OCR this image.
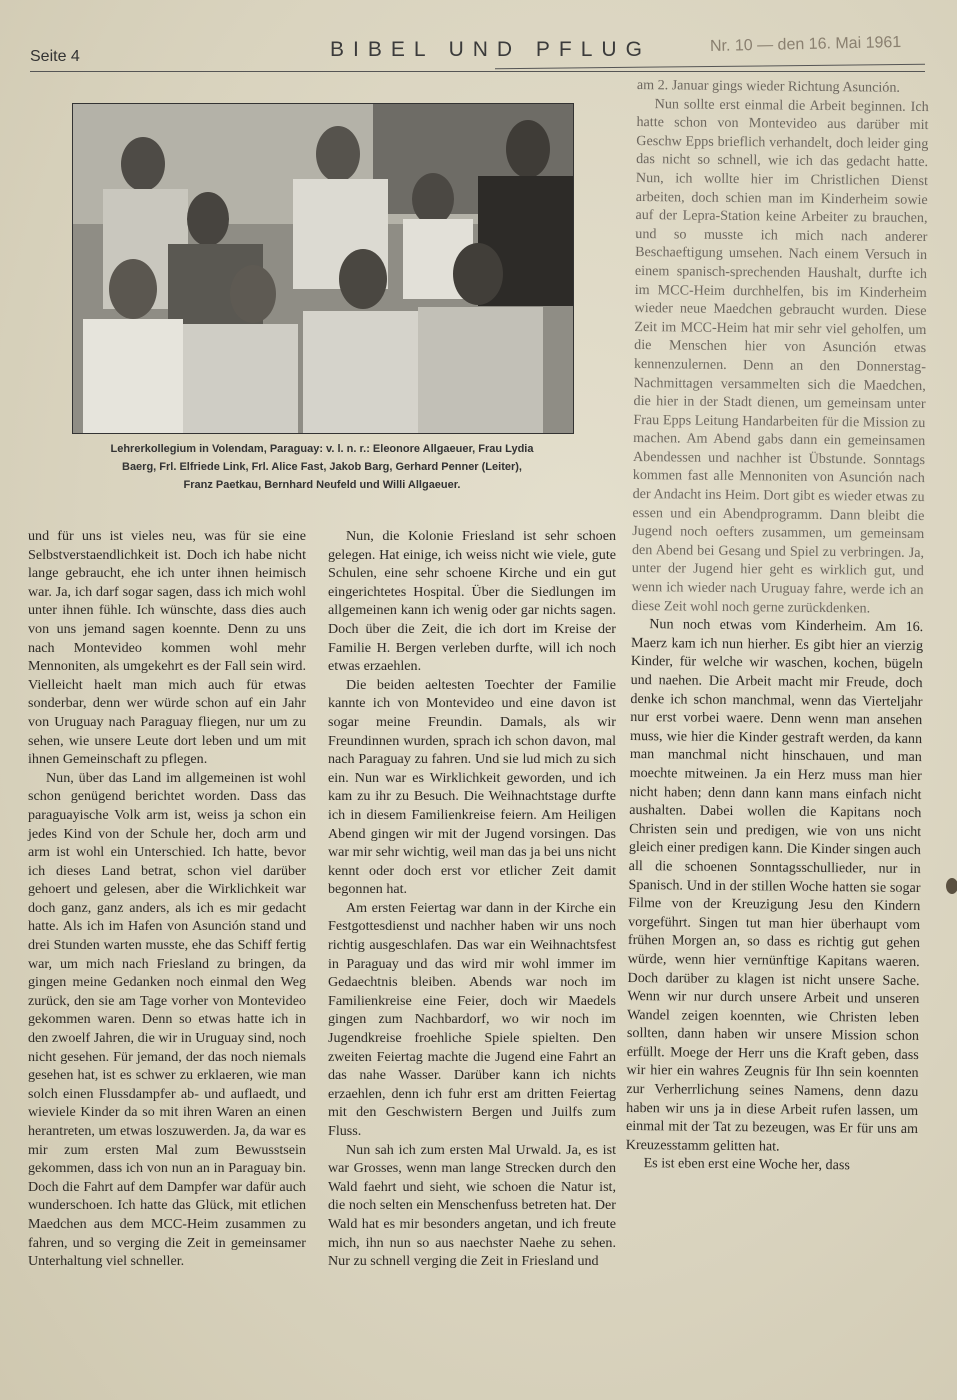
Seite 4	BIBEL UND PFLUG	Nr. 10 — den 16. Mai 1961
Lehrerkollegium in Volendam, Paraguay: v. l. n. r.: Eleonore Allgaeuer, Frau Lydia
Baerg, Frl. Elfriede Link, Frl. Alice Fast, Jakob Barg, Gerhard Penner (Leiter),
Franz Paetkau, Bernhard Neufeld und Willi Allgaeuer.

und für uns ist vieles neu, was für sie eine Selbstverstaendlichkeit ist. Doch ich habe nicht lange gebraucht, ehe ich unter ihnen heimisch war. Ja, ich darf sogar sagen, dass ich mich wohl unter ihnen fühle. Ich wünschte, dass dies auch von uns jemand sagen koennte. Denn zu uns nach Montevideo kommen wohl mehr Mennoniten, als umgekehrt es der Fall sein wird. Vielleicht haelt man mich auch für etwas sonderbar, denn wer würde schon auf ein Jahr von Uruguay nach Paraguay fliegen, nur um zu sehen, wie unsere Leute dort leben und um mit ihnen Gemeinschaft zu pflegen.

Nun, über das Land im allgemeinen ist wohl schon genügend berichtet worden. Dass das paraguayische Volk arm ist, weiss ja schon ein jedes Kind von der Schule her, doch arm und arm ist wohl ein Unterschied. Ich hatte, bevor ich dieses Land betrat, schon viel darüber gehoert und gelesen, aber die Wirklichkeit war doch ganz, ganz anders, als ich es mir gedacht hatte. Als ich im Hafen von Asunción stand und drei Stunden warten musste, ehe das Schiff fertig war, um mich nach Friesland zu bringen, da gingen meine Gedanken noch einmal den Weg zurück, den sie am Tage vorher von Montevideo gekommen waren. Denn so etwas hatte ich in den zwoelf Jahren, die wir in Uruguay sind, noch nicht gesehen. Für jemand, der das noch niemals gesehen hat, ist es schwer zu erklaeren, wie man solch einen Flussdampfer ab- und auflaedt, und wieviele Kinder da so mit ihren Waren an einen herantreten, um etwas loszuwerden. Ja, da war es mir zum ersten Mal zum Bewusstsein gekommen, dass ich von nun an in Paraguay bin. Doch die Fahrt auf dem Dampfer war dafür auch wunderschoen. Ich hatte das Glück, mit etlichen Maedchen aus dem MCC-Heim zusammen zu fahren, und so verging die Zeit in gemeinsamer Unterhaltung viel schneller.

Nun, die Kolonie Friesland ist sehr schoen gelegen. Hat einige, ich weiss nicht wie viele, gute Schulen, eine sehr schoene Kirche und ein gut eingerichtetes Hospital. Über die Siedlungen im allgemeinen kann ich wenig oder gar nichts sagen. Doch über die Zeit, die ich dort im Kreise der Familie H. Bergen verleben durfte, will ich noch etwas erzaehlen.

Die beiden aeltesten Toechter der Familie kannte ich von Montevideo und eine davon ist sogar meine Freundin. Damals, als wir Freundinnen wurden, sprach ich schon davon, mal nach Paraguay zu fahren. Und sie lud mich zu sich ein. Nun war es Wirklichkeit geworden, und ich kam zu ihr zu Besuch. Die Weihnachtstage durfte ich in diesem Familienkreise feiern. Am Heiligen Abend gingen wir mit der Jugend vorsingen. Das war mir sehr wichtig, weil man das ja bei uns nicht kennt oder doch erst vor etlicher Zeit damit begonnen hat.

Am ersten Feiertag war dann in der Kirche ein Festgottesdienst und nachher haben wir uns noch richtig ausgeschlafen. Das war ein Weihnachtsfest in Paraguay und das wird mir wohl immer im Gedaechtnis bleiben. Abends war noch im Familienkreise eine Feier, doch wir Maedels gingen zum Nachbardorf, wo wir noch im Jugendkreise froehliche Spiele spielten. Den zweiten Feiertag machte die Jugend eine Fahrt an das nahe Wasser. Darüber kann ich nichts erzaehlen, denn ich fuhr erst am dritten Feiertag mit den Geschwistern Bergen und Juilfs zum Fluss.

Nun sah ich zum ersten Mal Urwald. Ja, es ist war Grosses, wenn man lange Strecken durch den Wald faehrt und sieht, wie schoen die Natur ist, die noch selten ein Menschenfuss betreten hat. Der Wald hat es mir besonders angetan, und ich freute mich, ihn nun so aus naechster Naehe zu sehen. Nur zu schnell verging die Zeit in Friesland und

am 2. Januar gings wieder Richtung Asunción.

Nun sollte erst einmal die Arbeit beginnen. Ich hatte schon von Montevideo aus darüber mit Geschw Epps brieflich verhandelt, doch leider ging das nicht so schnell, wie ich das gedacht hatte. Nun, ich wollte hier im Christlichen Dienst arbeiten, doch schien man im Kinderheim sowie auf der Lepra-Station keine Arbeiter zu brauchen, und so musste ich mich nach anderer Beschaeftigung umsehen. Nach einem Versuch in einem spanisch-sprechenden Haushalt, durfte ich im MCC-Heim durchhelfen, bis im Kinderheim wieder neue Maedchen gebraucht wurden. Diese Zeit im MCC-Heim hat mir sehr viel geholfen, um die Menschen hier von Asunción etwas kennenzulernen. Denn an den Donnerstag-Nachmittagen versammelten sich die Maedchen, die hier in der Stadt dienen, um gemeinsam unter Frau Epps Leitung Handarbeiten für die Mission zu machen. Am Abend gabs dann ein gemeinsamen Abendessen und nachher ist Übstunde. Sonntags kommen fast alle Mennoniten von Asunción nach der Andacht ins Heim. Dort gibt es wieder etwas zu essen und ein Abendprogramm. Dann bleibt die Jugend noch oefters zusammen, um gemeinsam den Abend bei Gesang und Spiel zu verbringen. Ja, unter der Jugend hier geht es wirklich gut, und wenn ich wieder nach Uruguay fahre, werde ich an diese Zeit wohl noch gerne zurückdenken.

Nun noch etwas vom Kinderheim. Am 16. Maerz kam ich nun hierher. Es gibt hier an vierzig Kinder, für welche wir waschen, kochen, bügeln und naehen. Die Arbeit macht mir Freude, doch denke ich schon manchmal, wenn das Vierteljahr nur erst vorbei waere. Denn wenn man ansehen muss, wie hier die Kinder gestraft werden, da kann man manchmal nicht hinschauen, und man moechte mitweinen. Ja ein Herz muss man hier nicht haben; denn dann kann mans einfach nicht aushalten. Dabei wollen die Kapitans noch Christen sein und predigen, wie von uns nicht gleich einer predigen kann. Die Kinder singen auch all die schoenen Sonntagsschullieder, nur in Spanisch. Und in der stillen Woche hatten sie sogar Filme von der Kreuzigung Jesu den Kindern vorgeführt. Singen tut man hier überhaupt vom frühen Morgen an, so dass es richtig gut gehen würde, wenn hier vernünftige Kapitans waeren. Doch darüber zu klagen ist nicht unsere Sache. Wenn wir nur durch unsere Arbeit und unseren Wandel zeigen koennten, wie Christen leben sollten, dann haben wir unsere Mission schon erfüllt. Moege der Herr uns die Kraft geben, dass wir hier ein wahres Zeugnis für Ihn sein koennten zur Verherrlichung seines Namens, denn dazu haben wir uns ja in diese Arbeit rufen lassen, um einmal mit der Tat zu bezeugen, was Er für uns am Kreuzesstamm gelitten hat.

Es ist eben erst eine Woche her, dass
